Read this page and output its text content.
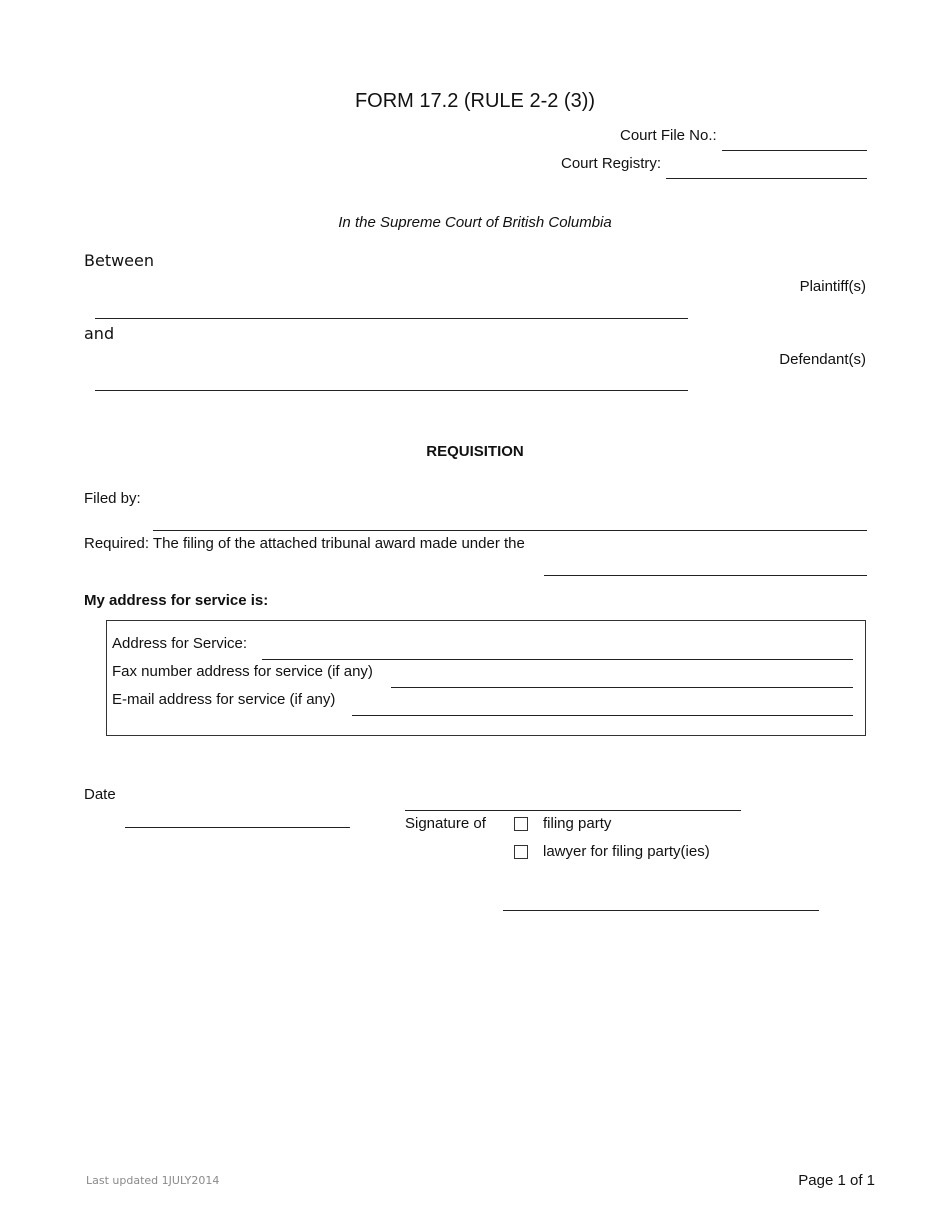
FORM 17.2 (RULE 2-2 (3))
Court File No.:
Court Registry:
In the Supreme Court of British Columbia
Between
Plaintiff(s)
and
Defendant(s)
REQUISITION
Filed by:
Required: The filing of the attached tribunal award made under the
My address for service is:
Address for Service:
Fax number address for service (if any)
E-mail address for service (if any)
Date
Signature of	filing party
lawyer for filing party(ies)
Last updated 1JULY2014	Page 1 of 1
